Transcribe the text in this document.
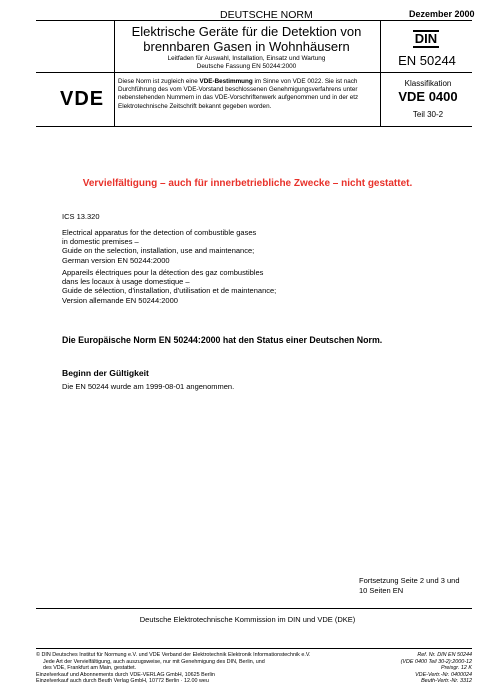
DEUTSCHE NORM	Dezember 2000
Elektrische Geräte für die Detektion von
brennbaren Gasen in Wohnhäusern
Leitfaden für Auswahl, Installation, Einsatz und Wartung
Deutsche Fassung EN 50244:2000
DIN
EN 50244
VDE
Diese Norm ist zugleich eine VDE-Bestimmung im Sinne von VDE 0022. Sie ist nach Durchführung des vom VDE-Vorstand beschlossenen Genehmigungsverfahrens unter nebenstehenden Nummern in das VDE-Vorschriftenwerk aufgenommen und in der etz Elektrotechnische Zeitschrift bekannt gegeben worden.
Klassifikation
VDE 0400
Teil 30-2
Vervielfältigung – auch für innerbetriebliche Zwecke – nicht gestattet.
ICS 13.320
Electrical apparatus for the detection of combustible gases
in domestic premises –
Guide on the selection, installation, use and maintenance;
German version EN 50244:2000
Appareils électriques pour la détection des gaz combustibles
dans les locaux à usage domestique –
Guide de sélection, d'installation, d'utilisation et de maintenance;
Version allemande EN 50244:2000
Die Europäische Norm EN 50244:2000 hat den Status einer Deutschen Norm.
Beginn der Gültigkeit
Die EN 50244 wurde am 1999-08-01 angenommen.
Fortsetzung Seite 2 und 3 und
10 Seiten EN
Deutsche Elektrotechnische Kommission im DIN und VDE (DKE)
© DIN Deutsches Institut für Normung e.V. und VDE Verband der Elektrotechnik Elektronik Informationstechnik e.V.
Jede Art der Vervielfältigung, auch auszugsweise, nur mit Genehmigung des DIN, Berlin, und
des VDE, Frankfurt am Main, gestattet.
Einzelverkauf und Abonnements durch VDE-VERLAG GmbH, 10625 Berlin
Einzelverkauf auch durch Beuth Verlag GmbH, 10772 Berlin · 12.00 weu
Ref. Nr. DIN EN 50244
(VDE 0400 Teil 30-2):2000-12
Preisgr. 12 K
VDE-Vertr.-Nr. 0400024
Beuth-Vertr.-Nr. 3312
